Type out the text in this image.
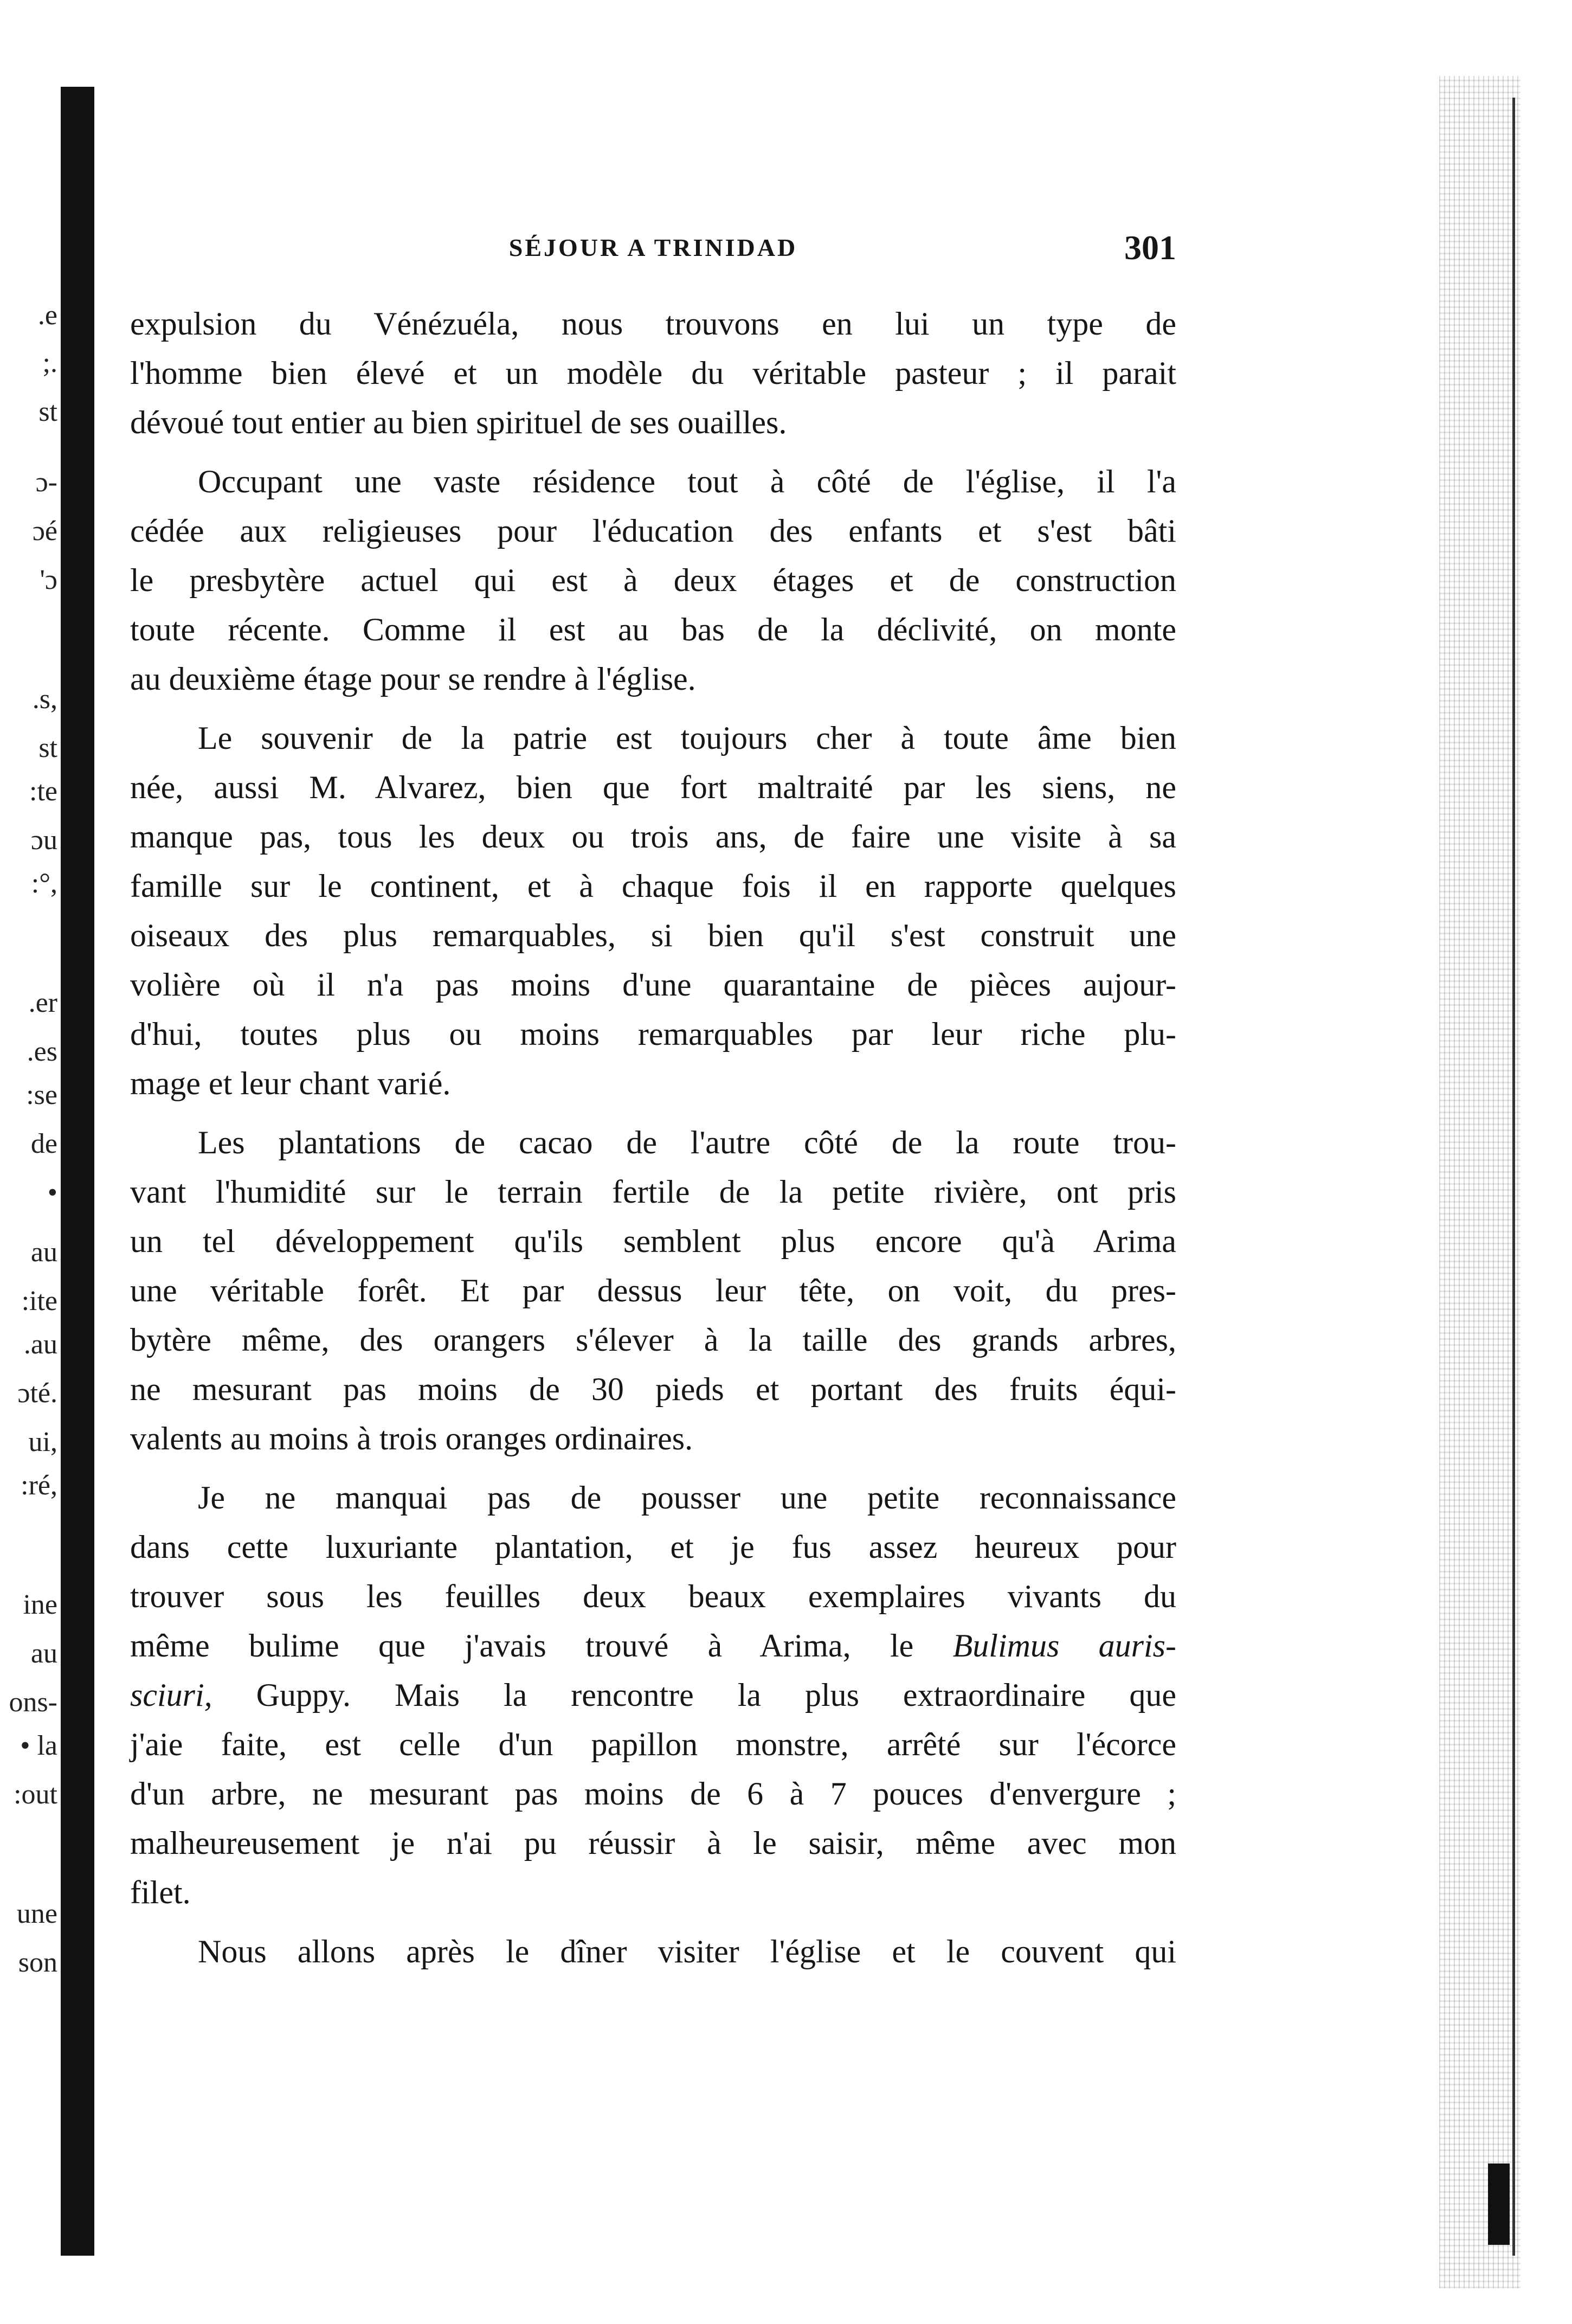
.e
;.
st
ɔ-
ɔé
'ɔ
.s,
st
:te
ɔu
:°,
.er
.es
:se
de
•
au
:ite
.au
ɔté.
ui,
:ré,
ine
au
ons-
• la
:out
une
son
SÉJOUR A TRINIDAD	301
expulsion du Vénézuéla, nous trouvons en lui un type de
l'homme bien élevé et un modèle du véritable pasteur ; il parait
dévoué tout entier au bien spirituel de ses ouailles.
Occupant une vaste résidence tout à côté de l'église, il l'a
cédée aux religieuses pour l'éducation des enfants et s'est bâti
le presbytère actuel qui est à deux étages et de construction
toute récente. Comme il est au bas de la déclivité, on monte
au deuxième étage pour se rendre à l'église.
Le souvenir de la patrie est toujours cher à toute âme bien
née, aussi M. Alvarez, bien que fort maltraité par les siens, ne
manque pas, tous les deux ou trois ans, de faire une visite à sa
famille sur le continent, et à chaque fois il en rapporte quelques
oiseaux des plus remarquables, si bien qu'il s'est construit une
volière où il n'a pas moins d'une quarantaine de pièces aujour-
d'hui, toutes plus ou moins remarquables par leur riche plu-
mage et leur chant varié.
Les plantations de cacao de l'autre côté de la route trou-
vant l'humidité sur le terrain fertile de la petite rivière, ont pris
un tel développement qu'ils semblent plus encore qu'à Arima
une véritable forêt. Et par dessus leur tête, on voit, du pres-
bytère même, des orangers s'élever à la taille des grands arbres,
ne mesurant pas moins de 30 pieds et portant des fruits équi-
valents au moins à trois oranges ordinaires.
Je ne manquai pas de pousser une petite reconnaissance
dans cette luxuriante plantation, et je fus assez heureux pour
trouver sous les feuilles deux beaux exemplaires vivants du
même bulime que j'avais trouvé à Arima, le Bulimus auris-
sciuri, Guppy. Mais la rencontre la plus extraordinaire que
j'aie faite, est celle d'un papillon monstre, arrêté sur l'écorce
d'un arbre, ne mesurant pas moins de 6 à 7 pouces d'envergure ;
malheureusement je n'ai pu réussir à le saisir, même avec mon
filet.
Nous allons après le dîner visiter l'église et le couvent qui
